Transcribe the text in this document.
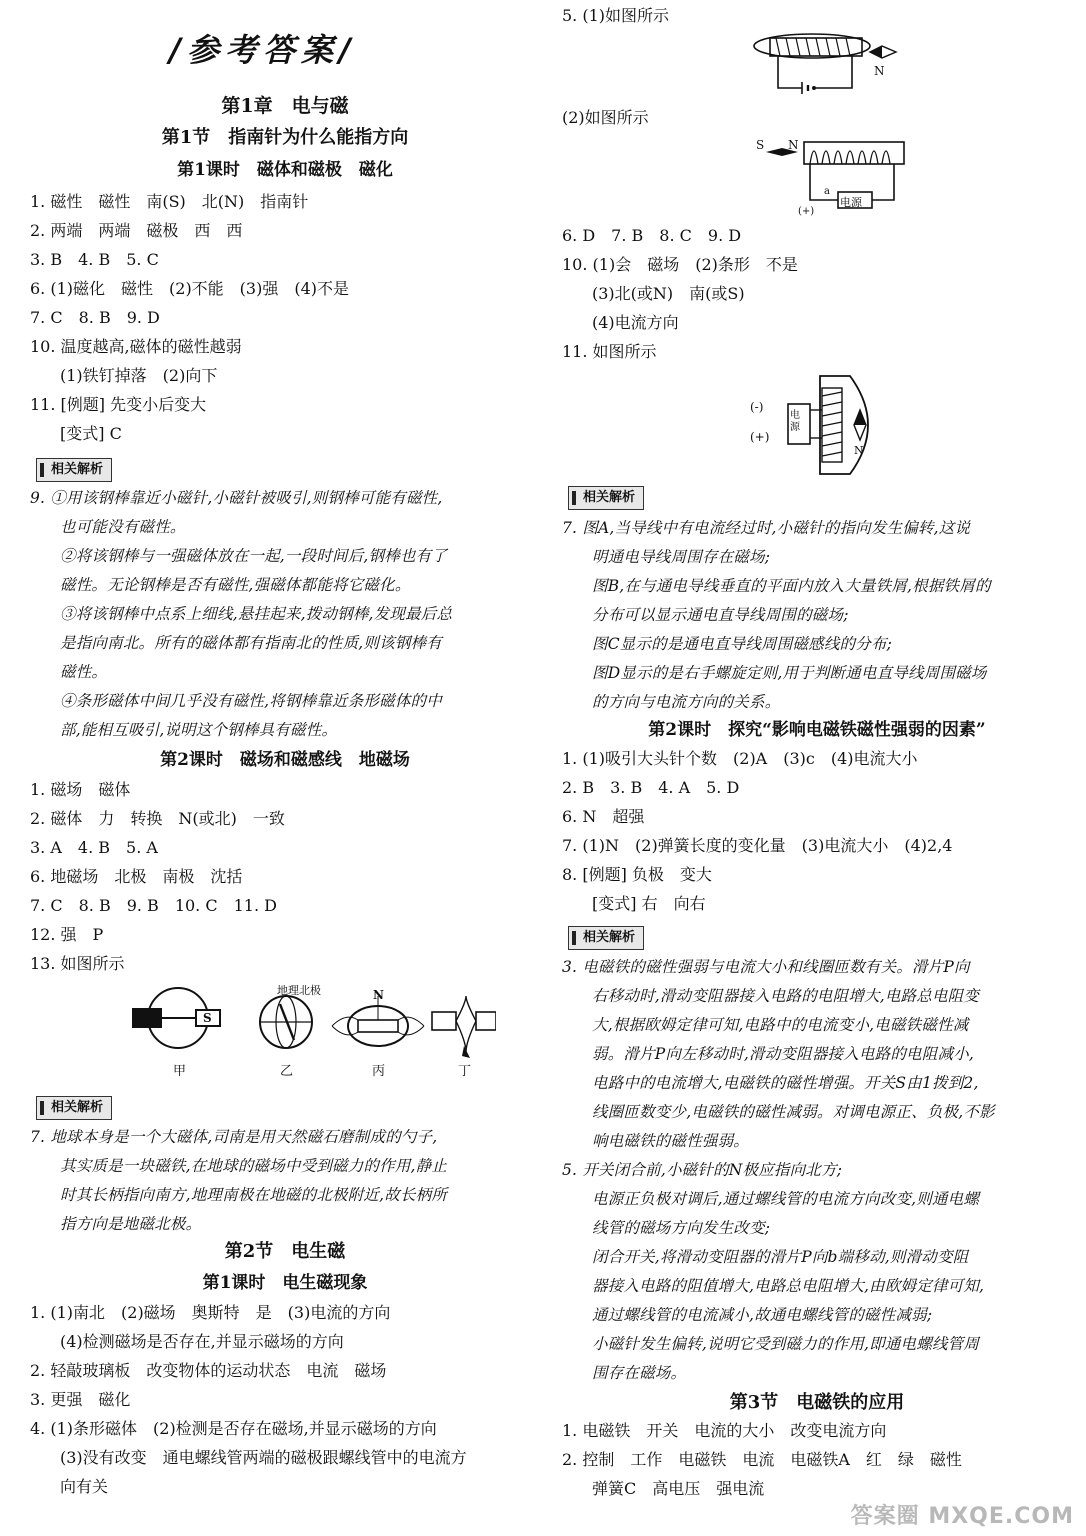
/参考答案/
第1章　电与磁
第1节　指南针为什么能指方向
第1课时　磁体和磁极　磁化
1. 磁性　磁性　南(S)　北(N)　指南针
2. 两端　两端　磁极　西　西
3. B　4. B　5. C
6. (1)磁化　磁性　(2)不能　(3)强　(4)不是
7. C　8. B　9. D
10. 温度越高,磁体的磁性越弱
(1)铁钉掉落　(2)向下
11. [例题] 先变小后变大
[变式] C
相关解析
9. ①用该钢棒靠近小磁针,小磁针被吸引,则钢棒可能有磁性,
也可能没有磁性。
②将该钢棒与一强磁体放在一起,一段时间后,钢棒也有了
磁性。无论钢棒是否有磁性,强磁体都能将它磁化。
③将该钢棒中点系上细线,悬挂起来,拨动钢棒,发现最后总
是指向南北。所有的磁体都有指南北的性质,则该钢棒有
磁性。
④条形磁体中间几乎没有磁性,将钢棒靠近条形磁体的中
部,能相互吸引,说明这个钢棒具有磁性。
第2课时　磁场和磁感线　地磁场
1. 磁场　磁体
2. 磁体　力　转换　N(或北)　一致
3. A　4. B　5. A
6. 地磁场　北极　南极　沈括
7. C　8. B　9. B　10. C　11. D
12. 强　P
13. 如图所示
地理北极
S
N
甲	乙	丙	丁
相关解析
7. 地球本身是一个大磁体,司南是用天然磁石磨制成的勺子,
其实质是一块磁铁,在地球的磁场中受到磁力的作用,静止
时其长柄指向南方,地理南极在地磁的北极附近,故长柄所
指方向是地磁北极。
第2节　电生磁
第1课时　电生磁现象
1. (1)南北　(2)磁场　奥斯特　是　(3)电流的方向
(4)检测磁场是否存在,并显示磁场的方向
2. 轻敲玻璃板　改变物体的运动状态　电流　磁场
3. 更强　磁化
4. (1)条形磁体　(2)检测是否存在磁场,并显示磁场的方向
(3)没有改变　通电螺线管两端的磁极跟螺线管中的电流方
向有关
5. (1)如图所示
N
(2)如图所示
S N
电源
a
(+)
6. D　7. B　8. C　9. D
10. (1)会　磁场　(2)条形　不是
(3)北(或N)　南(或S)
(4)电流方向
11. 如图所示
(-)
(+)
电源
N
相关解析
7. 图A,当导线中有电流经过时,小磁针的指向发生偏转,这说
明通电导线周围存在磁场;
图B,在与通电导线垂直的平面内放入大量铁屑,根据铁屑的
分布可以显示通电直导线周围的磁场;
图C显示的是通电直导线周围磁感线的分布;
图D显示的是右手螺旋定则,用于判断通电直导线周围磁场
的方向与电流方向的关系。
第2课时　探究“影响电磁铁磁性强弱的因素”
1. (1)吸引大头针个数　(2)A　(3)c　(4)电流大小
2. B　3. B　4. A　5. D
6. N　超强
7. (1)N　(2)弹簧长度的变化量　(3)电流大小　(4)2,4
8. [例题] 负极　变大
[变式] 右　向右
相关解析
3. 电磁铁的磁性强弱与电流大小和线圈匝数有关。滑片P向
右移动时,滑动变阻器接入电路的电阻增大,电路总电阻变
大,根据欧姆定律可知,电路中的电流变小,电磁铁磁性减
弱。滑片P向左移动时,滑动变阻器接入电路的电阻减小,
电路中的电流增大,电磁铁的磁性增强。开关S由1拨到2,
线圈匝数变少,电磁铁的磁性减弱。对调电源正、负极,不影
响电磁铁的磁性强弱。
5. 开关闭合前,小磁针的N极应指向北方;
电源正负极对调后,通过螺线管的电流方向改变,则通电螺
线管的磁场方向发生改变;
闭合开关,将滑动变阻器的滑片P向b端移动,则滑动变阻
器接入电路的阻值增大,电路总电阻增大,由欧姆定律可知,
通过螺线管的电流减小,故通电螺线管的磁性减弱;
小磁针发生偏转,说明它受到磁力的作用,即通电螺线管周
围存在磁场。
第3节　电磁铁的应用
1. 电磁铁　开关　电流的大小　改变电流方向
2. 控制　工作　电磁铁　电流　电磁铁A　红　绿　磁性
弹簧C　高电压　强电流
答案圈 MXQE.COM
